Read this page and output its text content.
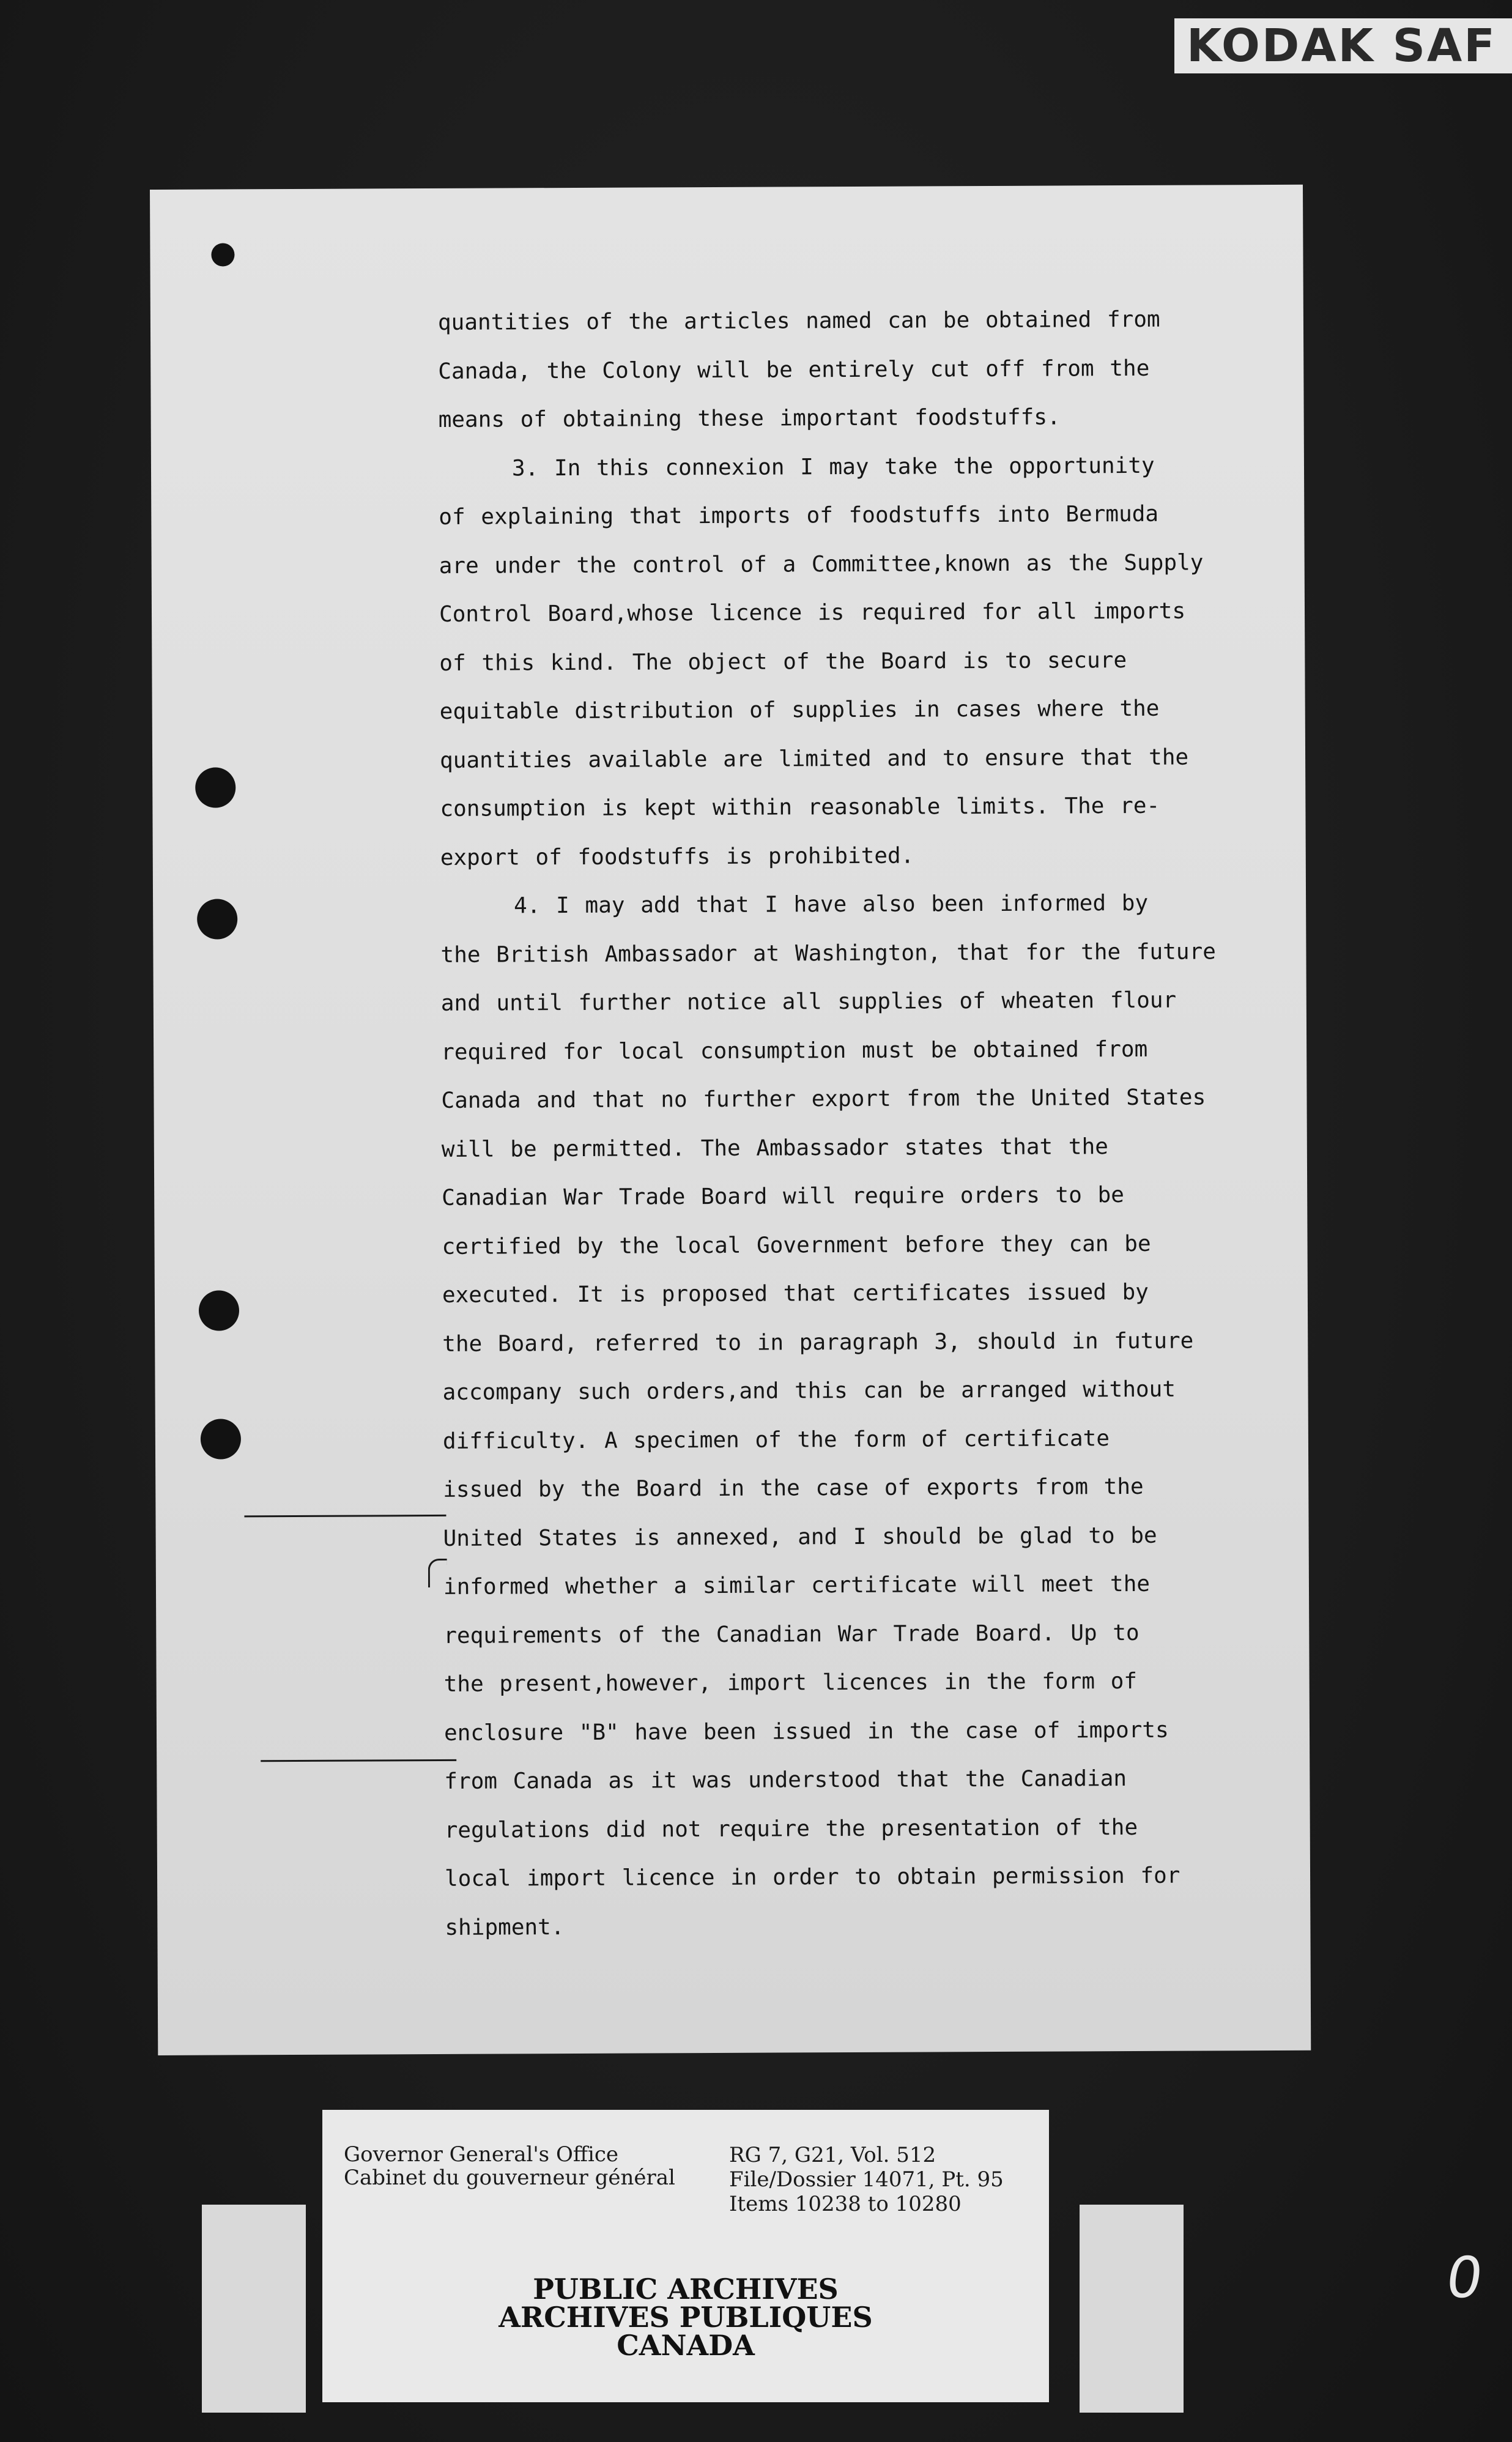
KODAK SAF
quantities of the articles named can be obtained from
Canada, the Colony will be entirely cut off from the
means of obtaining these important foodstuffs.
3. In this connexion I may take the opportunity
of explaining that imports of foodstuffs into Bermuda
are under the control of a Committee,known as the Supply
Control Board,whose licence is required for all imports
of this kind. The object of the Board is to secure
equitable distribution of supplies in cases where the
quantities available are limited and to ensure that the
consumption is kept within reasonable limits. The re-
export of foodstuffs is prohibited.
4. I may add that I have also been informed by
the British Ambassador at Washington, that for the future
and until further notice all supplies of wheaten flour
required for local consumption must be obtained from
Canada and that no further export from the United States
will be permitted. The Ambassador states that the
Canadian War Trade Board will require orders to be
certified by the local Government before they can be
executed. It is proposed that certificates issued by
the Board, referred to in paragraph 3, should in future
accompany such orders,and this can be arranged without
difficulty. A specimen of the form of certificate
issued by the Board in the case of exports from the
United States is annexed, and I should be glad to be
informed whether a similar certificate will meet the
requirements of the Canadian War Trade Board. Up to
the present,however, import licences in the form of
enclosure "B" have been issued in the case of imports
from Canada as it was understood that the Canadian
regulations did not require the presentation of the
local import licence in order to obtain permission for
shipment.
Governor General's Office
Cabinet du gouverneur général
RG 7, G21, Vol. 512
File/Dossier 14071, Pt. 95
Items 10238 to 10280
PUBLIC ARCHIVES
ARCHIVES PUBLIQUES
CANADA
0
